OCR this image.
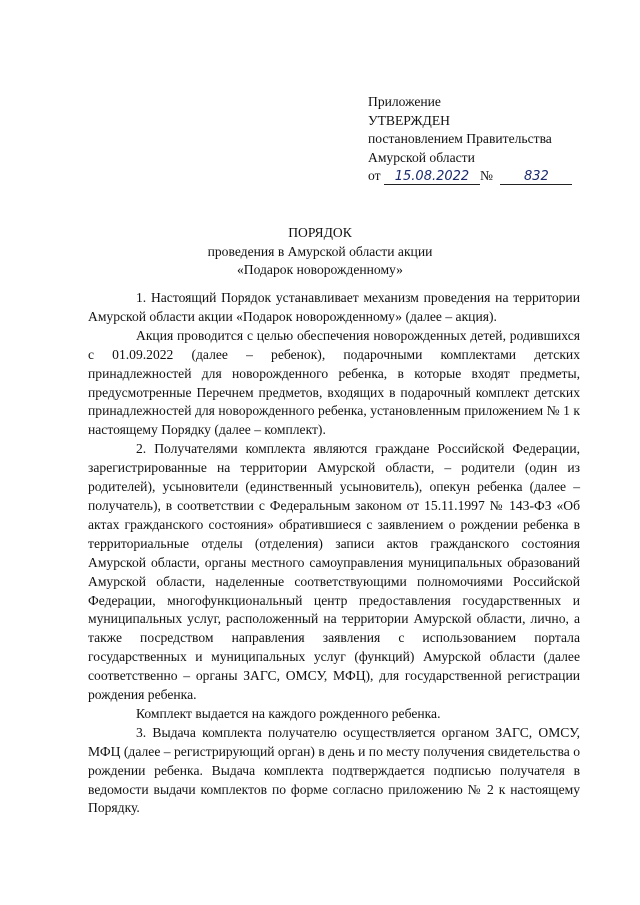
Приложение
УТВЕРЖДЕН
постановлением Правительства
Амурской области
от 15.08.2022 № 832
ПОРЯДОК
проведения в Амурской области акции
«Подарок новорожденному»

1. Настоящий Порядок устанавливает механизм проведения на территории Амурской области акции «Подарок новорожденному» (далее – акция).

Акция проводится с целью обеспечения новорожденных детей, родившихся с 01.09.2022 (далее – ребенок), подарочными комплектами детских принадлежностей для новорожденного ребенка, в которые входят предметы, предусмотренные Перечнем предметов, входящих в подарочный комплект детских принадлежностей для новорожденного ребенка, установленным приложением № 1 к настоящему Порядку (далее – комплект).

2. Получателями комплекта являются граждане Российской Федерации, зарегистрированные на территории Амурской области, – родители (один из родителей), усыновители (единственный усыновитель), опекун ребенка (далее – получатель), в соответствии с Федеральным законом от 15.11.1997 № 143-ФЗ «Об актах гражданского состояния» обратившиеся с заявлением о рождении ребенка в территориальные отделы (отделения) записи актов гражданского состояния Амурской области, органы местного самоуправления муниципальных образований Амурской области, наделенные соответствующими полномочиями Российской Федерации, многофункциональный центр предоставления государственных и муниципальных услуг, расположенный на территории Амурской области, лично, а также посредством направления заявления с использованием портала государственных и муниципальных услуг (функций) Амурской области (далее соответственно – органы ЗАГС, ОМСУ, МФЦ), для государственной регистрации рождения ребенка.

Комплект выдается на каждого рожденного ребенка.

3. Выдача комплекта получателю осуществляется органом ЗАГС, ОМСУ, МФЦ (далее – регистрирующий орган) в день и по месту получения свидетельства о рождении ребенка. Выдача комплекта подтверждается подписью получателя в ведомости выдачи комплектов по форме согласно приложению № 2 к настоящему Порядку.
